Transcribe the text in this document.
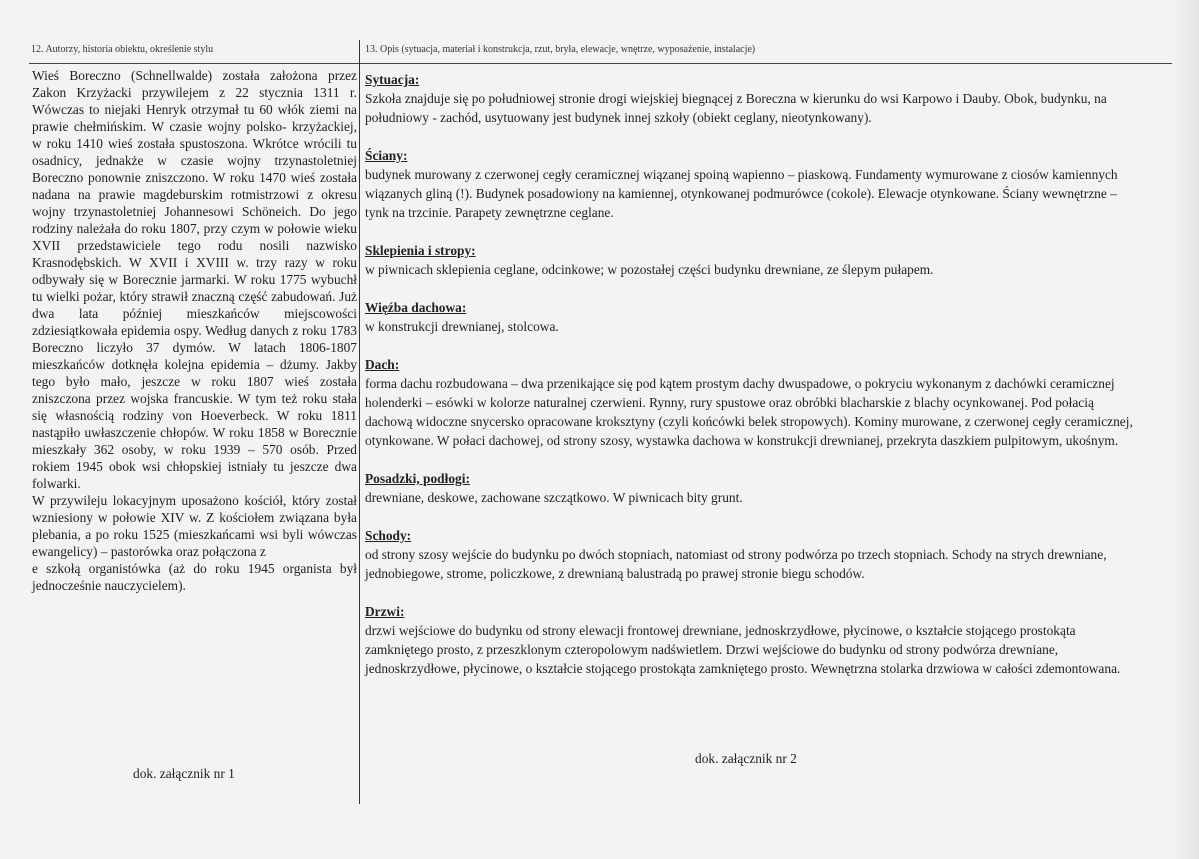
12. Autorzy, historia obiektu, określenie stylu	13. Opis (sytuacja, materiał i konstrukcja, rzut, bryła, elewacje, wnętrze, wyposażenie, instalacje)

Wieś Boreczno (Schnellwalde) została założona przez Zakon Krzyżacki przywilejem z 22 stycznia 1311 r. Wówczas to niejaki Henryk otrzymał tu 60 włók ziemi na prawie chełmińskim. W czasie wojny polsko- krzyżackiej, w roku 1410 wieś została spustoszona. Wkrótce wrócili tu osadnicy, jednakże w czasie wojny trzynastoletniej Boreczno ponownie zniszczono. W roku 1470 wieś została nadana na prawie magdeburskim rotmistrzowi z okresu wojny trzynastoletniej Johannesowi Schöneich. Do jego rodziny należała do roku 1807, przy czym w połowie wieku XVII przedstawiciele tego rodu nosili nazwisko Krasnodębskich. W XVII i XVIII w. trzy razy w roku odbywały się w Borecznie jarmarki. W roku 1775 wybuchł tu wielki pożar, który strawił znaczną część zabudowań. Już dwa lata później mieszkańców miejscowości zdziesiątkowała epidemia ospy. Według danych z roku 1783 Boreczno liczyło 37 dymów. W latach 1806-1807 mieszkańców dotknęła kolejna epidemia – dżumy. Jakby tego było mało, jeszcze w roku 1807 wieś została zniszczona przez wojska francuskie. W tym też roku stała się własnością rodziny von Hoeverbeck. W roku 1811 nastąpiło uwłaszczenie chłopów. W roku 1858 w Borecznie mieszkały 362 osoby, w roku 1939 – 570 osób. Przed rokiem 1945 obok wsi chłopskiej istniały tu jeszcze dwa folwarki.

W przywileju lokacyjnym uposażono kościół, który został wzniesiony w połowie XIV w. Z kościołem związana była plebania, a po roku 1525 (mieszkańcami wsi byli wówczas ewangelicy) – pastorówka oraz połączona z

e szkołą organistówka (aż do roku 1945 organista był jednocześnie nauczycielem).

Sytuacja:
Szkoła znajduje się po południowej stronie drogi wiejskiej biegnącej z Boreczna w kierunku do wsi Karpowo i Dauby. Obok, budynku, na południowy - zachód, usytuowany jest budynek innej szkoły (obiekt ceglany, nieotynkowany).
Ściany:
budynek murowany z czerwonej cegły ceramicznej wiązanej spoiną wapienno – piaskową. Fundamenty wymurowane z ciosów kamiennych wiązanych gliną (!). Budynek posadowiony na kamiennej, otynkowanej podmurówce (cokole). Elewacje otynkowane. Ściany wewnętrzne – tynk na trzcinie. Parapety zewnętrzne ceglane.
Sklepienia i stropy:
w piwnicach sklepienia ceglane, odcinkowe; w pozostałej części budynku drewniane, ze ślepym pułapem.
Więźba dachowa:
w konstrukcji drewnianej, stolcowa.
Dach:
forma dachu rozbudowana – dwa przenikające się pod kątem prostym dachy dwuspadowe, o pokryciu wykonanym z dachówki ceramicznej holenderki – esówki w kolorze naturalnej czerwieni. Rynny, rury spustowe oraz obróbki blacharskie z blachy ocynkowanej. Pod połacią dachową widoczne snycersko opracowane kroksztyny (czyli końcówki belek stropowych). Kominy murowane, z czerwonej cegły ceramicznej, otynkowane. W połaci dachowej, od strony szosy, wystawka dachowa w konstrukcji drewnianej, przekryta daszkiem pulpitowym, ukośnym.
Posadzki, podłogi:
drewniane, deskowe, zachowane szczątkowo. W piwnicach bity grunt.
Schody:
od strony szosy wejście do budynku po dwóch stopniach, natomiast od strony podwórza po trzech stopniach. Schody na strych drewniane, jednobiegowe, strome, policzkowe, z drewnianą balustradą po prawej stronie biegu schodów.
Drzwi:
drzwi wejściowe do budynku od strony elewacji frontowej drewniane, jednoskrzydłowe, płycinowe, o kształcie stojącego prostokąta zamkniętego prosto, z przeszklonym czteropolowym nadświetlem. Drzwi wejściowe do budynku od strony podwórza drewniane, jednoskrzydłowe, płycinowe, o kształcie stojącego prostokąta zamkniętego prosto. Wewnętrzna stolarka drzwiowa w całości zdemontowana.
dok. załącznik nr 1
dok. załącznik nr 2
